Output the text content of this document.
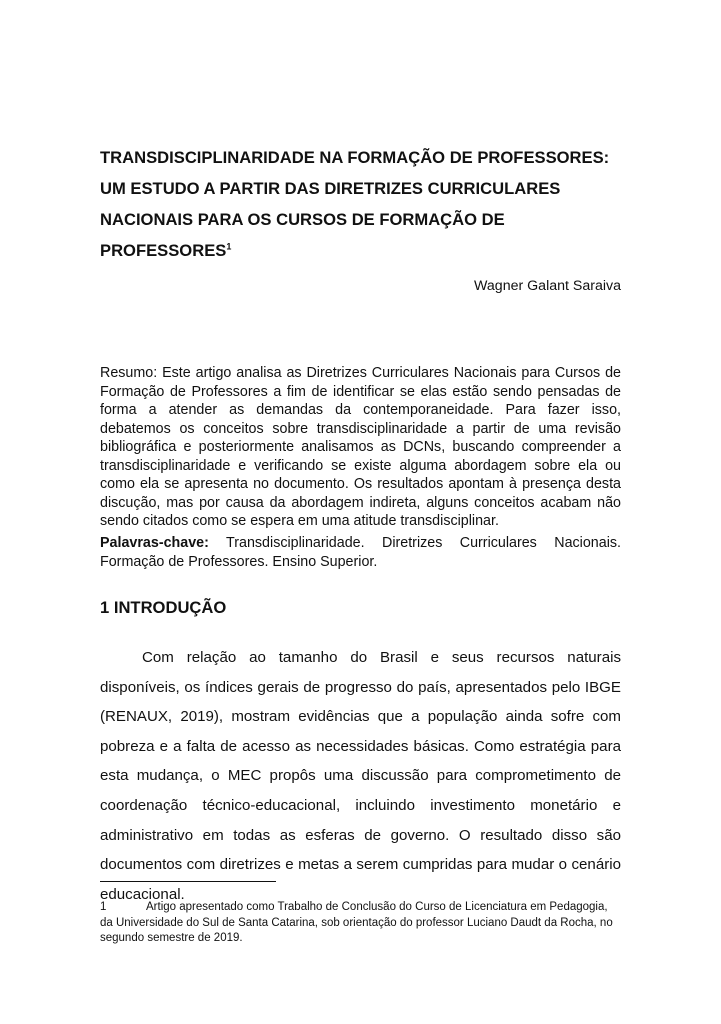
TRANSDISCIPLINARIDADE NA FORMAÇÃO DE PROFESSORES: UM ESTUDO A PARTIR DAS DIRETRIZES CURRICULARES NACIONAIS PARA OS CURSOS DE FORMAÇÃO DE PROFESSORES$^1$
Wagner Galant Saraiva

Resumo: Este artigo analisa as Diretrizes Curriculares Nacionais para Cursos de Formação de Professores a fim de identificar se elas estão sendo pensadas de forma a atender as demandas da contemporaneidade. Para fazer isso, debatemos os conceitos sobre transdisciplinaridade a partir de uma revisão bibliográfica e posteriormente analisamos as DCNs, buscando compreender a transdisciplinaridade e verificando se existe alguma abordagem sobre ela ou como ela se apresenta no documento. Os resultados apontam à presença desta discução, mas por causa da abordagem indireta, alguns conceitos acabam não sendo citados como se espera em uma atitude transdisciplinar.

Palavras-chave: Transdisciplinaridade. Diretrizes Curriculares Nacionais. Formação de Professores. Ensino Superior.

1 INTRODUÇÃO

Com relação ao tamanho do Brasil e seus recursos naturais disponíveis, os índices gerais de progresso do país, apresentados pelo IBGE (RENAUX, 2019), mostram evidências que a população ainda sofre com pobreza e a falta de acesso as necessidades básicas. Como estratégia para esta mudança, o MEC propôs uma discussão para comprometimento de coordenação técnico-educacional, incluindo investimento monetário e administrativo em todas as esferas de governo. O resultado disso são documentos com diretrizes e metas a serem cumpridas para mudar o cenário educacional.

1	Artigo apresentado como Trabalho de Conclusão do Curso de Licenciatura em Pedagogia, da Universidade do Sul de Santa Catarina, sob orientação do professor Luciano Daudt da Rocha, no segundo semestre de 2019.
